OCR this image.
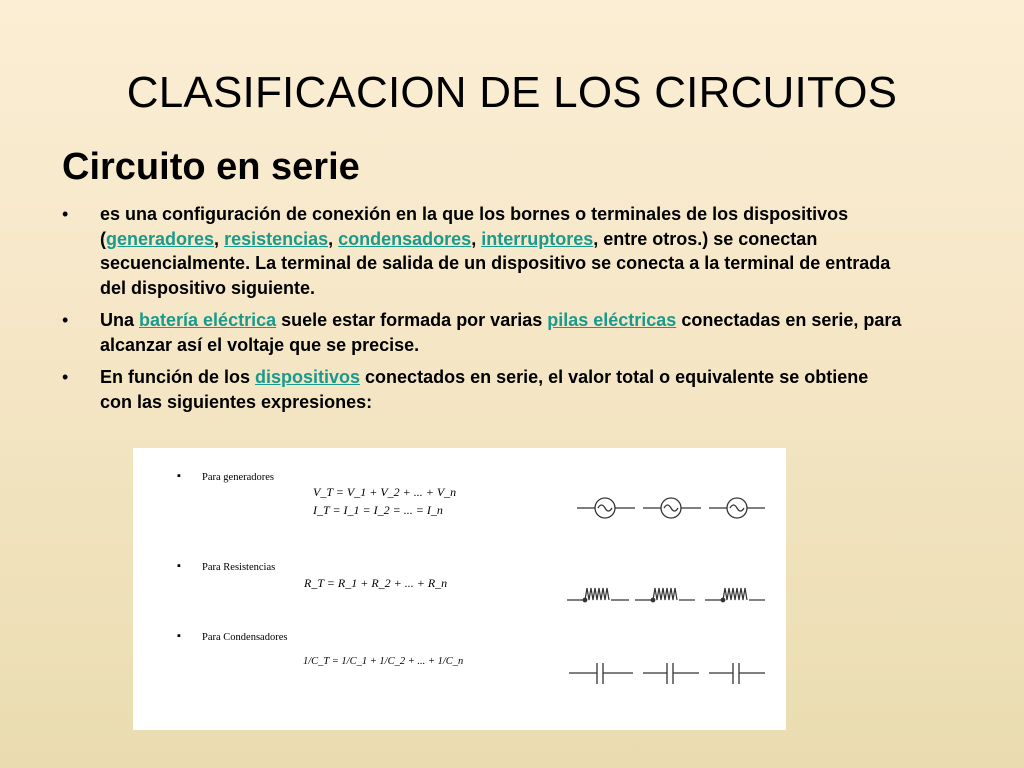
CLASIFICACION DE LOS CIRCUITOS
Circuito en serie
• es una configuración de conexión en la que los bornes o terminales de los dispositivos (generadores, resistencias, condensadores, interruptores, entre otros.) se conectan secuencialmente. La terminal de salida de un dispositivo se conecta a la terminal de entrada del dispositivo siguiente.
• Una batería eléctrica suele estar formada por varias pilas eléctricas conectadas en serie, para alcanzar así el voltaje que se precise.
• En función de los dispositivos conectados en serie, el valor total o equivalente se obtiene con las siguientes expresiones:
▪ Para generadores
V_T = V_1 + V_2 + ... + V_n
I_T = I_1 = I_2 = ... = I_n
▪ Para Resistencias
R_T = R_1 + R_2 + ... + R_n
▪ Para Condensadores
1/C_T = 1/C_1 + 1/C_2 + ... + 1/C_n
